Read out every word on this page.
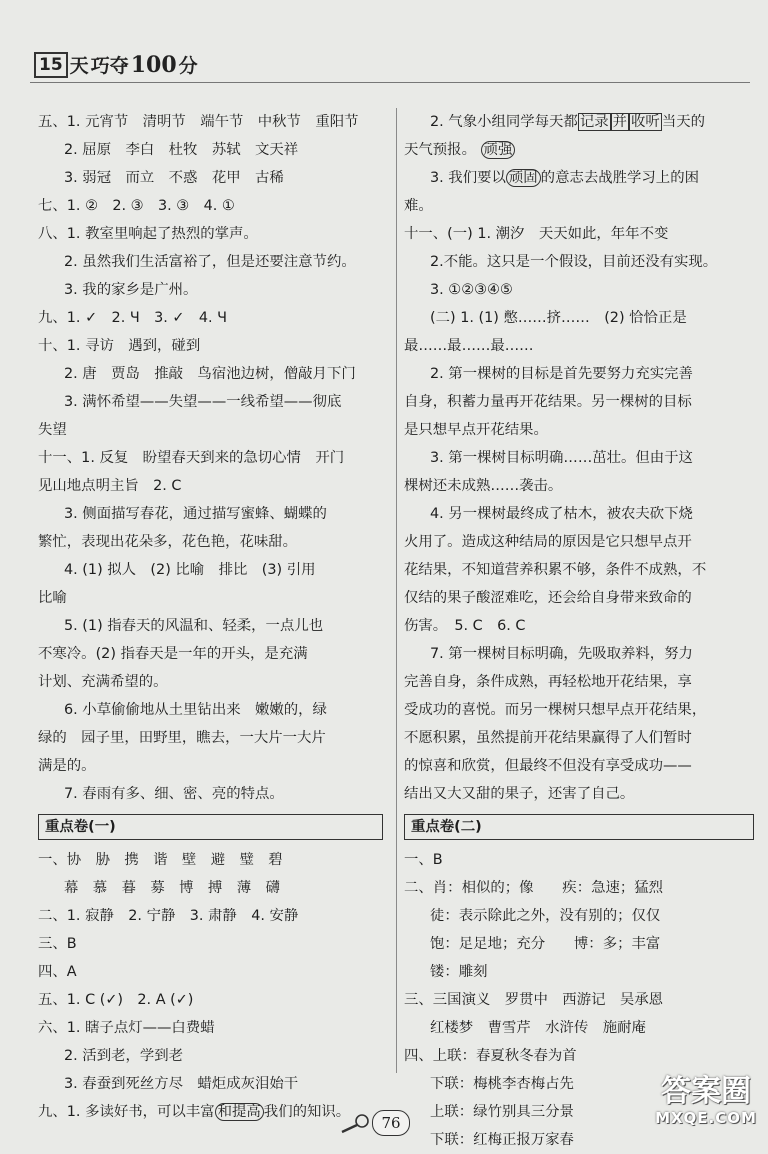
15 天 巧夺 100 分
五、1. 元宵节　清明节　端午节　中秋节　重阳节
2. 屈原　李白　杜牧　苏轼　文天祥
3. 弱冠　而立　不惑　花甲　古稀
七、1. ②　2. ③　3. ③　4. ①
八、1. 教室里响起了热烈的掌声。
2. 虽然我们生活富裕了，但是还要注意节约。
3. 我的家乡是广州。
九、1. ✓　2. Ч　3. ✓　4. Ч
十、1. 寻访　遇到，碰到
2. 唐　贾岛　推敲　鸟宿池边树，僧敲月下门
3. 满怀希望——失望——一线希望——彻底
失望
十一、1. 反复　盼望春天到来的急切心情　开门
见山地点明主旨　2. C
3. 侧面描写春花，通过描写蜜蜂、蝴蝶的
繁忙，表现出花朵多，花色艳，花味甜。
4. (1) 拟人　(2) 比喻　排比　(3) 引用
比喻
5. (1) 指春天的风温和、轻柔，一点儿也
不寒冷。(2) 指春天是一年的开头，是充满
计划、充满希望的。
6. 小草偷偷地从土里钻出来　嫩嫩的，绿
绿的　园子里，田野里，瞧去，一大片一大片
满是的。
7. 春雨有多、细、密、亮的特点。
重点卷(一)
一、协　胁　携　谐　壁　避　璧　碧
幕　慕　暮　募　博　搏　薄　礴
二、1. 寂静　2. 宁静　3. 肃静　4. 安静
三、B
四、A
五、1. C (✓)　2. A (✓)
六、1. 瞎子点灯——白费蜡
2. 活到老，学到老
3. 春蚕到死丝方尽　蜡炬成灰泪始干
九、1. 多读好书，可以丰富 和提高 我们的知识。
2. 气象小组同学每天都 记录 并 收听 当天的
天气预报。 顽强
3. 我们要以 顽固 的意志去战胜学习上的困
难。
十一、(一) 1. 潮汐　天天如此，年年不变
2.不能。这只是一个假设，目前还没有实现。
3. ①②③④⑤
(二) 1. (1) 憋……挤……　(2) 恰恰正是
最……最……最……
2. 第一棵树的目标是首先要努力充实完善
自身，积蓄力量再开花结果。另一棵树的目标
是只想早点开花结果。
3. 第一棵树目标明确……茁壮。但由于这
棵树还未成熟……袭击。
4. 另一棵树最终成了枯木，被农夫砍下烧
火用了。造成这种结局的原因是它只想早点开
花结果，不知道营养积累不够，条件不成熟，不
仅结的果子酸涩难吃，还会给自身带来致命的
伤害。　5. C　6. C
7. 第一棵树目标明确，先吸取养料，努力
完善自身，条件成熟，再轻松地开花结果，享
受成功的喜悦。而另一棵树只想早点开花结果，
不愿积累，虽然提前开花结果赢得了人们暂时
的惊喜和欣赏，但最终不但没有享受成功——
结出又大又甜的果子，还害了自己。
重点卷(二)
一、B
二、肖：相似的；像　　疾：急速；猛烈
徒：表示除此之外，没有别的；仅仅
饱：足足地；充分　　博：多；丰富
镂：雕刻
三、三国演义　罗贯中　西游记　吴承恩
红楼梦　曹雪芹　水浒传　施耐庵
四、上联：春夏秋冬春为首
下联：梅桃李杏梅占先
上联：绿竹别具三分景
下联：红梅正报万家春
76
答案圈
MXQE.COM
